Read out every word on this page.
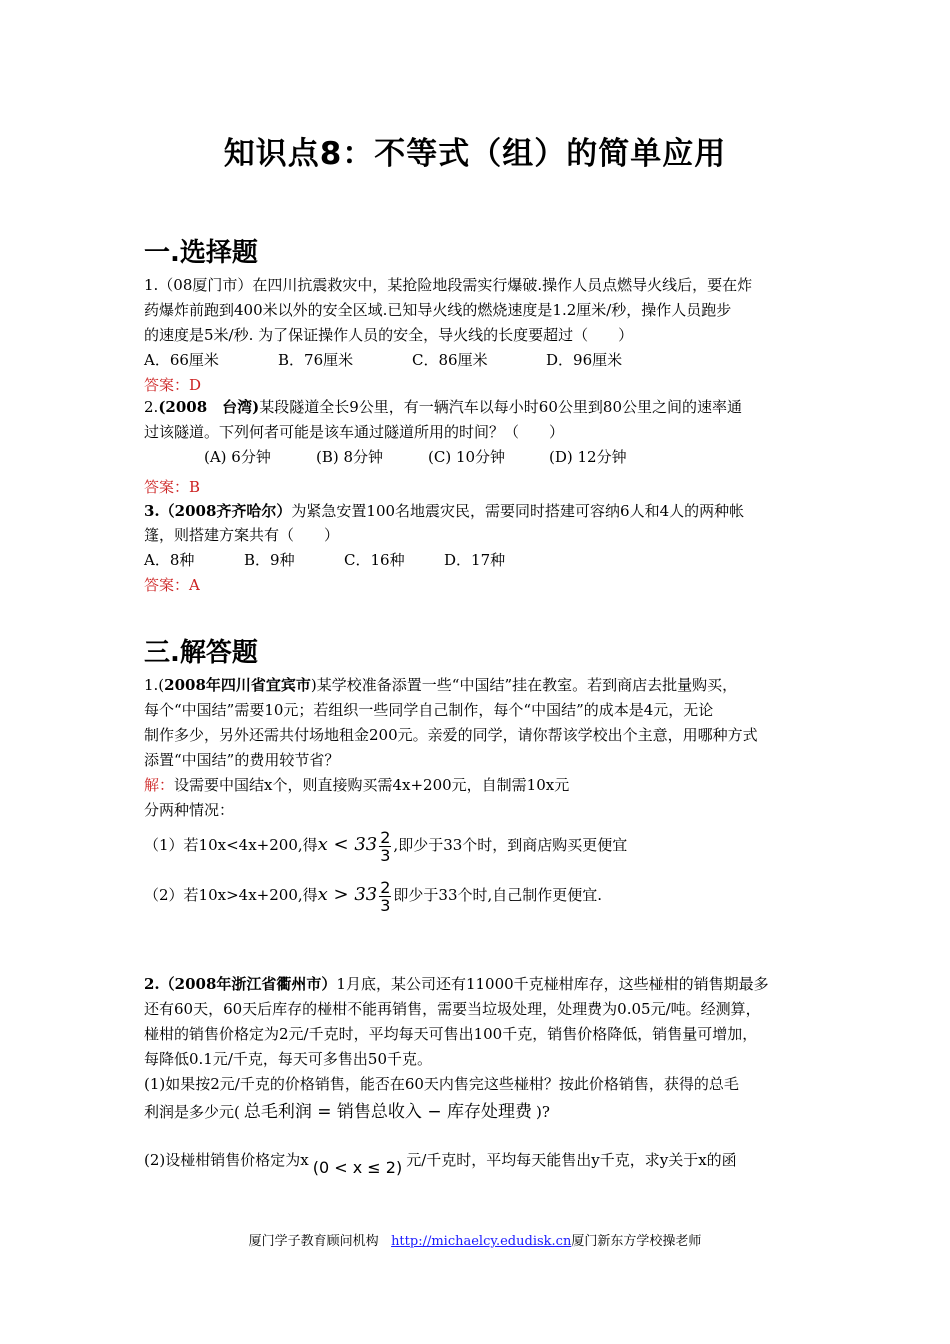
知识点8：不等式（组）的简单应用
一.选择题
1.（08厦门市）在四川抗震救灾中，某抢险地段需实行爆破.操作人员点燃导火线后，要在炸
药爆炸前跑到400米以外的安全区域.已知导火线的燃烧速度是1.2厘米/秒，操作人员跑步
的速度是5米/秒. 为了保证操作人员的安全，导火线的长度要超过（　　）
A．66厘米	B．76厘米	C．86厘米	D．96厘米
答案：D
2.(2008　台湾)某段隧道全长9公里，有一辆汽车以每小时60公里到80公里之间的速率通
过该隧道。下列何者可能是该车通过隧道所用的时间？（　　）
(A) 6分钟	(B) 8分钟	(C) 10分钟	(D) 12分钟
答案：B
3.（2008齐齐哈尔）为紧急安置100名地震灾民，需要同时搭建可容纳6人和4人的两种帐
篷，则搭建方案共有（　　）
A．8种	B．9种	C．16种	D．17种
答案：A
三.解答题
1.(2008年四川省宜宾市)某学校准备添置一些“中国结”挂在教室。若到商店去批量购买，
每个“中国结”需要10元；若组织一些同学自己制作，每个“中国结”的成本是4元，无论
制作多少，另外还需共付场地租金200元。亲爱的同学，请你帮该学校出个主意，用哪种方式
添置“中国结”的费用较节省？
解：设需要中国结x个，则直接购买需4x+200元，自制需10x元
分两种情况：
（1）若10x<4x+200,得$x < 33 \frac{2}{3}$ ,即少于33个时，到商店购买更便宜
（2）若10x>4x+200,得$x > 33 \frac{2}{3}$ 即少于33个时,自己制作更便宜.
2.（2008年浙江省衢州市）1月底，某公司还有11000千克椪柑库存，这些椪柑的销售期最多
还有60天，60天后库存的椪柑不能再销售，需要当垃圾处理，处理费为0.05元/吨。经测算，
椪柑的销售价格定为2元/千克时，平均每天可售出100千克，销售价格降低，销售量可增加，
每降低0.1元/千克，每天可多售出50千克。
(1)如果按2元/千克的价格销售，能否在60天内售完这些椪柑？按此价格销售，获得的总毛
利润是多少元( 总毛利润 = 销售总收入 − 库存处理费 )?
(2)设椪柑销售价格定为x (0 < x ≤ 2) 元/千克时，平均每天能售出y千克，求y关于x的函
厦门学子教育顾问机构 http://michaelcy.edudisk.cn厦门新东方学校操老师
